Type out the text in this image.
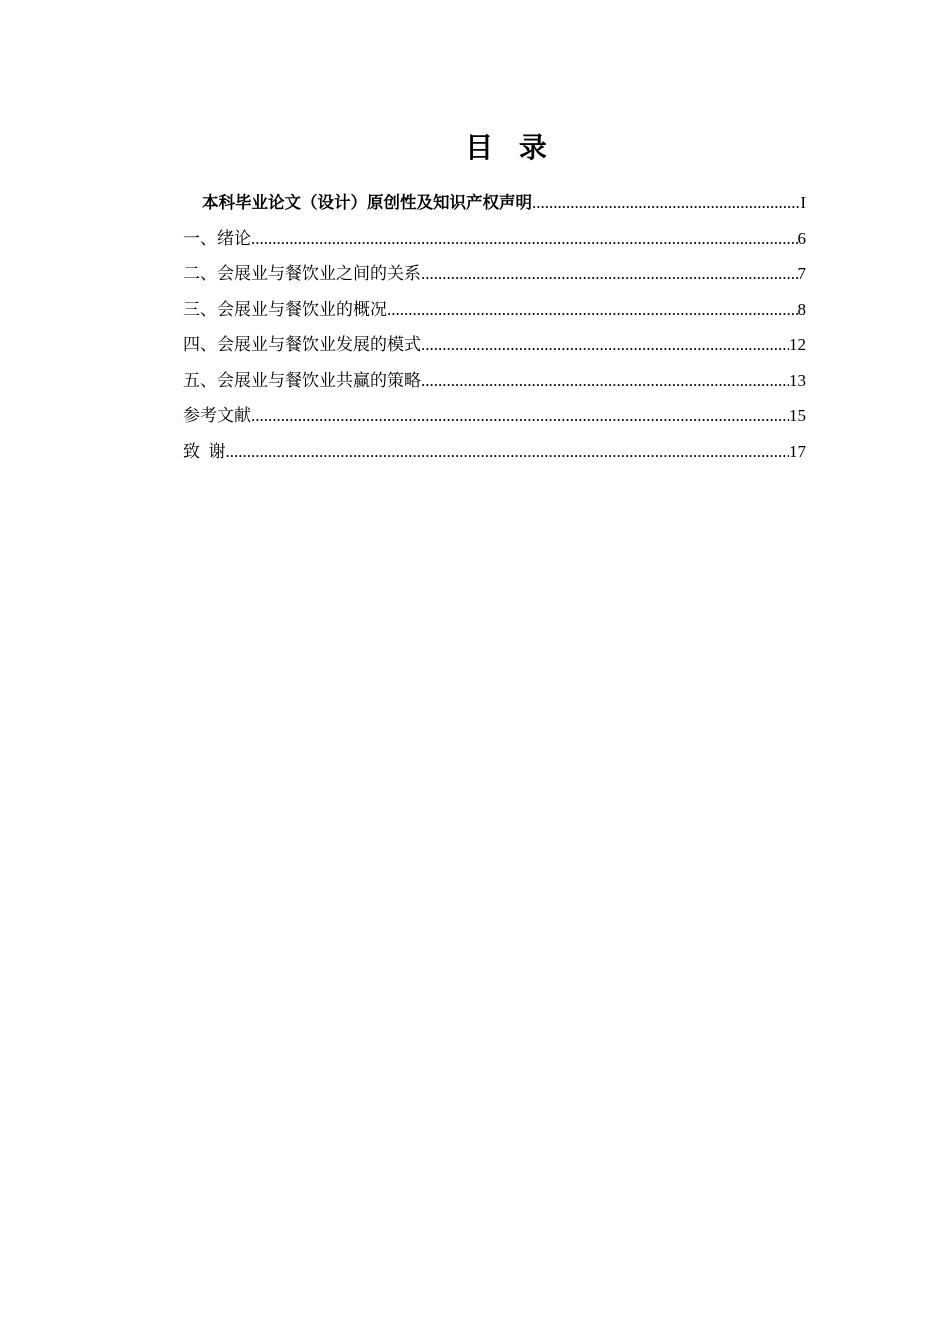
目 录
本科毕业论文（设计）原创性及知识产权声明 .....	I
一、绪论 .....	6
二、会展业与餐饮业之间的关系 .....	7
三、会展业与餐饮业的概况 .....	8
四、会展业与餐饮业发展的模式 .....	12
五、会展业与餐饮业共赢的策略 .....	13
参考文献 .....	15
致  谢 .....	17
